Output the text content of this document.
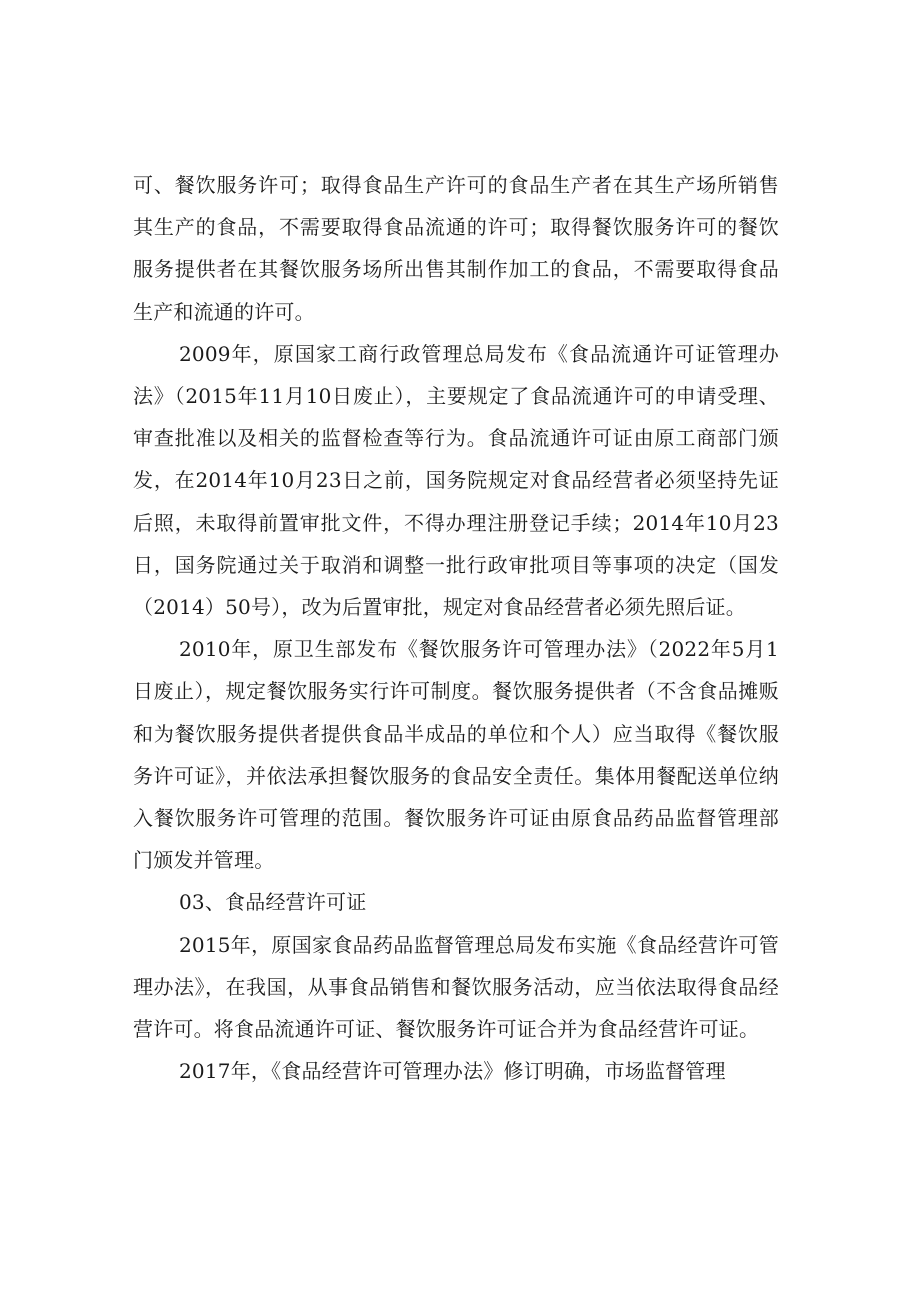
可、餐饮服务许可；取得食品生产许可的食品生产者在其生产场所销售其生产的食品，不需要取得食品流通的许可；取得餐饮服务许可的餐饮服务提供者在其餐饮服务场所出售其制作加工的食品，不需要取得食品生产和流通的许可。

2009年，原国家工商行政管理总局发布《食品流通许可证管理办法》（2015年11月10日废止），主要规定了食品流通许可的申请受理、审查批准以及相关的监督检查等行为。食品流通许可证由原工商部门颁发，在2014年10月23日之前，国务院规定对食品经营者必须坚持先证后照，未取得前置审批文件，不得办理注册登记手续；2014年10月23日，国务院通过关于取消和调整一批行政审批项目等事项的决定（国发（2014）50号），改为后置审批，规定对食品经营者必须先照后证。

2010年，原卫生部发布《餐饮服务许可管理办法》（2022年5月1日废止），规定餐饮服务实行许可制度。餐饮服务提供者（不含食品摊贩和为餐饮服务提供者提供食品半成品的单位和个人）应当取得《餐饮服务许可证》，并依法承担餐饮服务的食品安全责任。集体用餐配送单位纳入餐饮服务许可管理的范围。餐饮服务许可证由原食品药品监督管理部门颁发并管理。

03、食品经营许可证

2015年，原国家食品药品监督管理总局发布实施《食品经营许可管理办法》，在我国，从事食品销售和餐饮服务活动，应当依法取得食品经营许可。将食品流通许可证、餐饮服务许可证合并为食品经营许可证。

2017年，《食品经营许可管理办法》修订明确，市场监督管理
